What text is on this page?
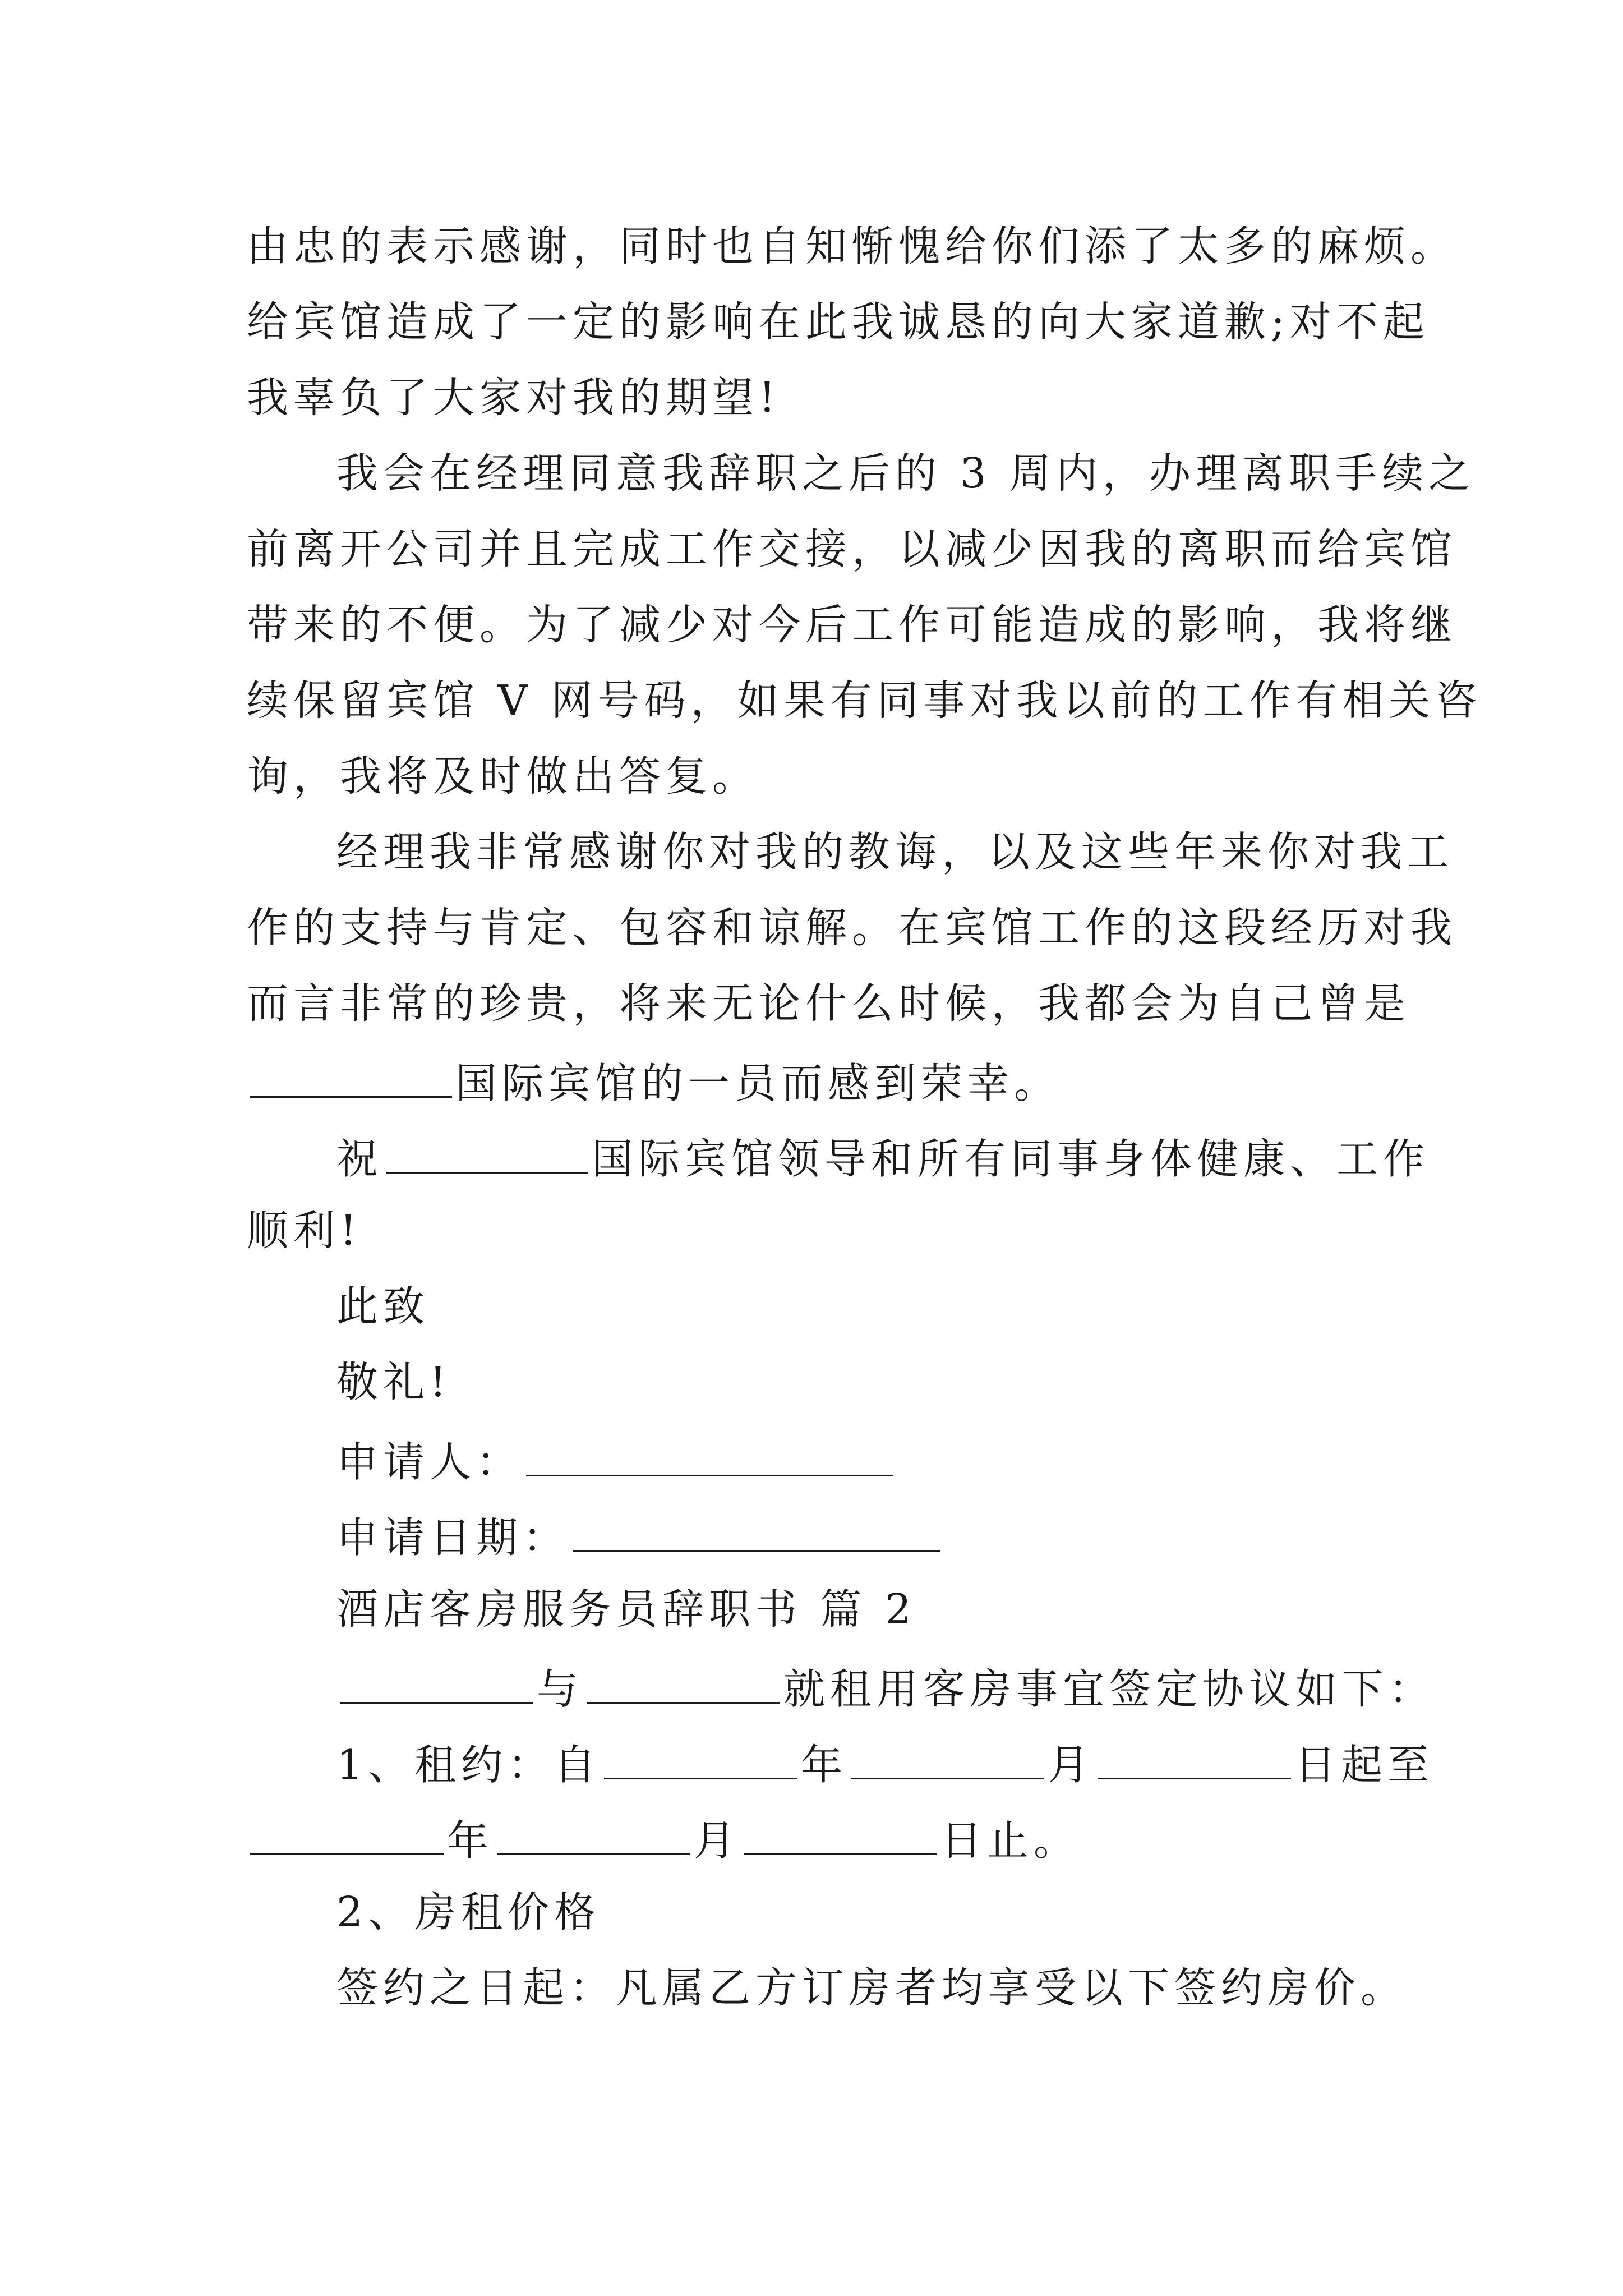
由忠的表示感谢，同时也自知惭愧给你们添了太多的麻烦。
给宾馆造成了一定的影响在此我诚恳的向大家道歉;对不起
我辜负了大家对我的期望!
我会在经理同意我辞职之后的 3 周内，办理离职手续之
前离开公司并且完成工作交接，以减少因我的离职而给宾馆
带来的不便。为了减少对今后工作可能造成的影响，我将继
续保留宾馆 V 网号码，如果有同事对我以前的工作有相关咨
询，我将及时做出答复。
经理我非常感谢你对我的教诲，以及这些年来你对我工
作的支持与肯定、包容和谅解。在宾馆工作的这段经历对我
而言非常的珍贵，将来无论什么时候，我都会为自己曾是
国际宾馆的一员而感到荣幸。
祝	国际宾馆领导和所有同事身体健康、工作
顺利!
此致
敬礼!
申请人：
申请日期：
酒店客房服务员辞职书 篇 2
与	就租用客房事宜签定协议如下：
1、租约：自	年	月	日起至
年	月	日止。
2、房租价格
签约之日起：凡属乙方订房者均享受以下签约房价。
